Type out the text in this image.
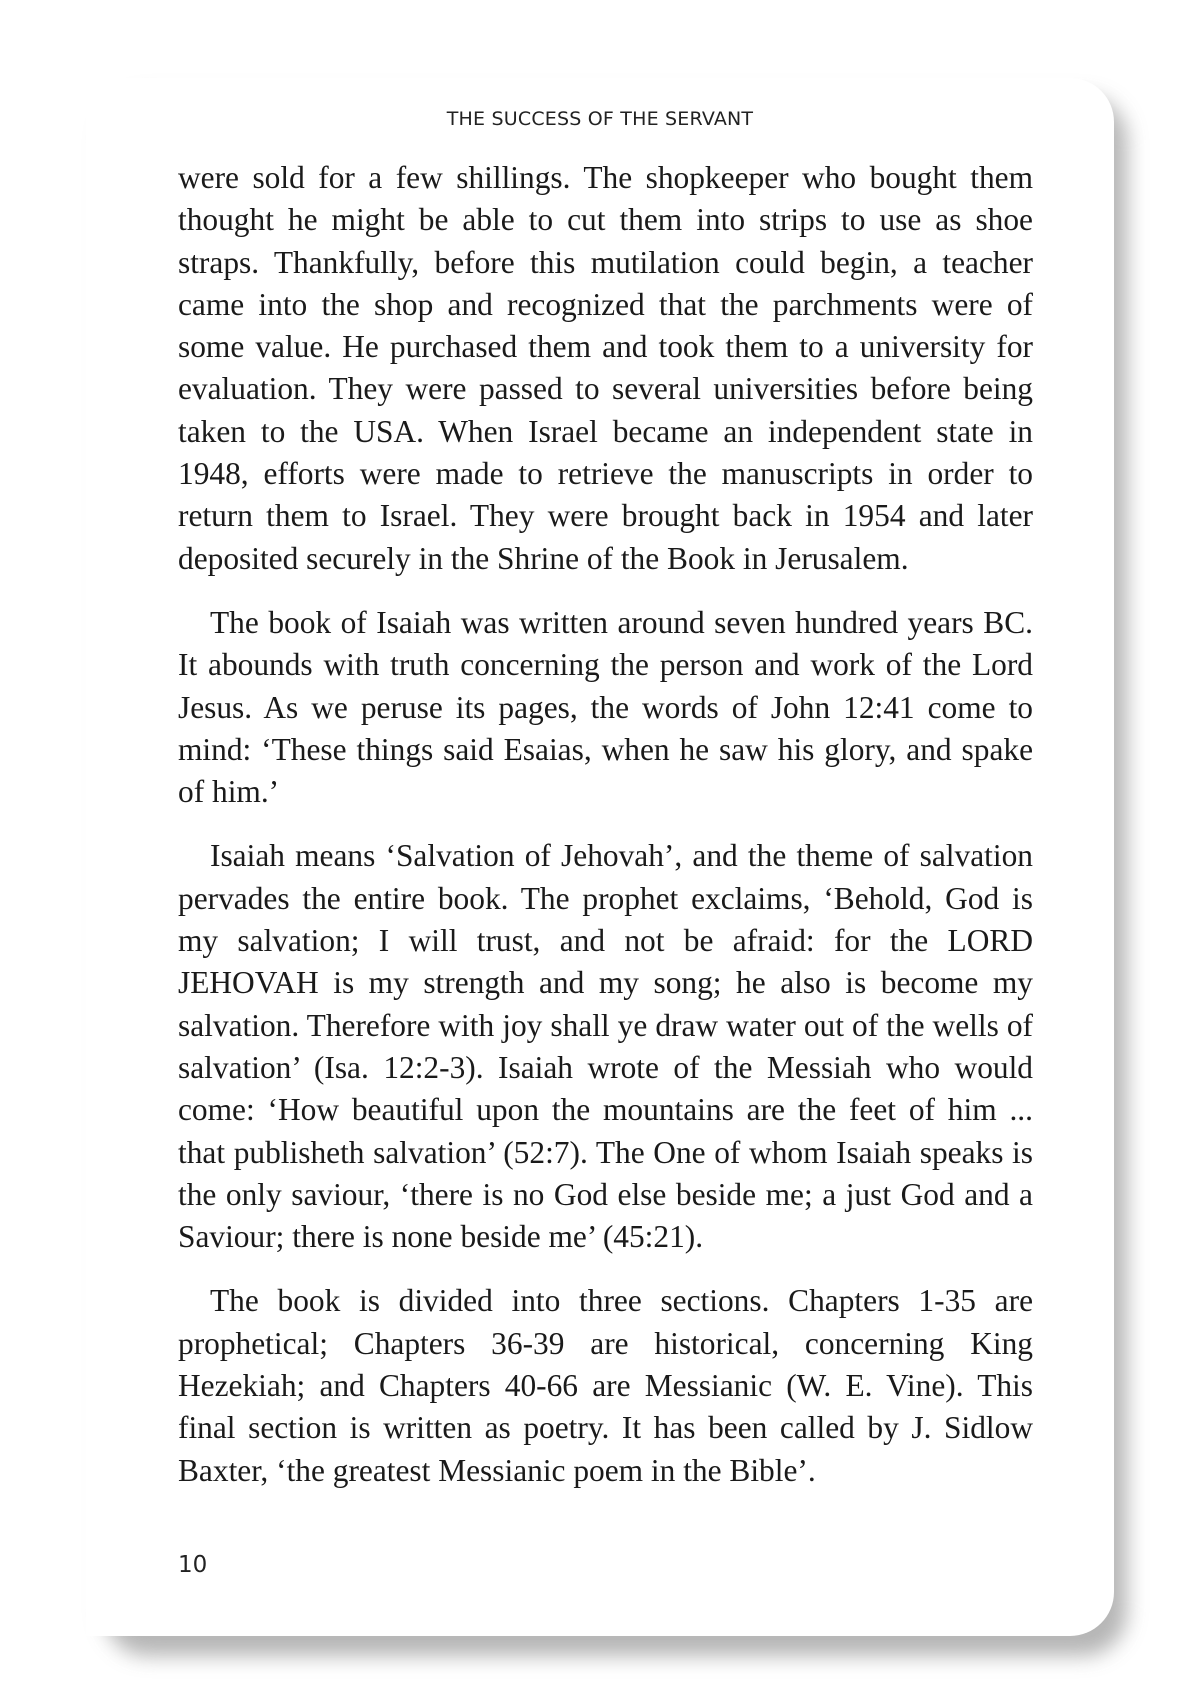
THE SUCCESS OF THE SERVANT

were sold for a few shillings. The shopkeeper who bought them thought he might be able to cut them into strips to use as shoe straps. Thankfully, before this mutilation could begin, a teacher came into the shop and recognized that the parchments were of some value. He purchased them and took them to a university for evaluation. They were passed to several universities before being taken to the USA. When Israel became an independent state in 1948, efforts were made to retrieve the manuscripts in order to return them to Israel. They were brought back in 1954 and later deposited securely in the Shrine of the Book in Jerusalem.

The book of Isaiah was written around seven hundred years BC. It abounds with truth concerning the person and work of the Lord Jesus. As we peruse its pages, the words of John 12:41 come to mind: ‘These things said Esaias, when he saw his glory, and spake of him.’

Isaiah means ‘Salvation of Jehovah’, and the theme of salvation pervades the entire book. The prophet exclaims, ‘Behold, God is my salvation; I will trust, and not be afraid: for the LORD JEHOVAH is my strength and my song; he also is become my salvation. Therefore with joy shall ye draw water out of the wells of salvation’ (Isa. 12:2-3). Isaiah wrote of the Messiah who would come: ‘How beautiful upon the mountains are the feet of him ... that publisheth salvation’ (52:7). The One of whom Isaiah speaks is the only saviour, ‘there is no God else beside me; a just God and a Saviour; there is none beside me’ (45:21).

The book is divided into three sections. Chapters 1-35 are prophetical; Chapters 36-39 are historical, concerning King Hezekiah; and Chapters 40-66 are Messianic (W. E. Vine). This final section is written as poetry. It has been called by J. Sidlow Baxter, ‘the greatest Messianic poem in the Bible’.

10
